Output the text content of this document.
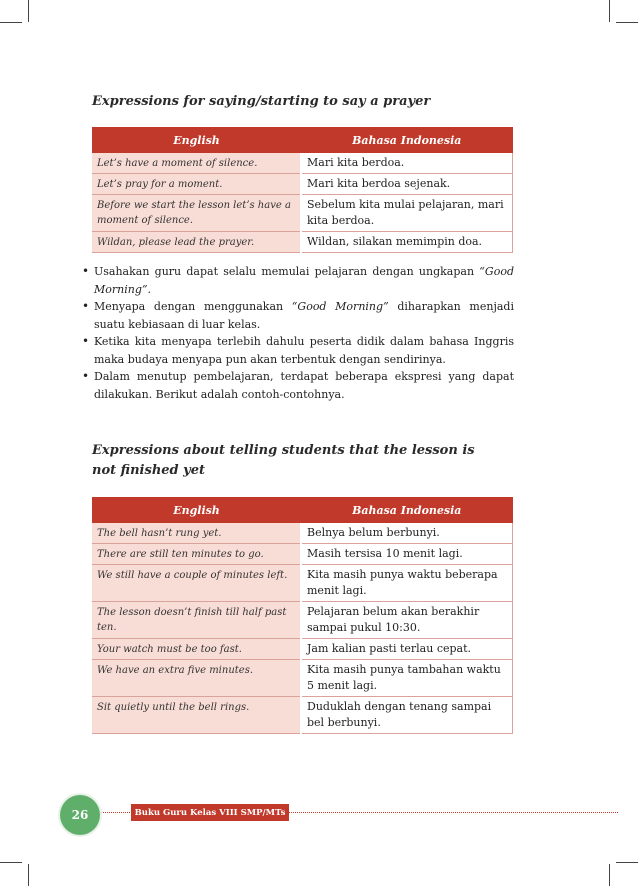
Expressions for saying/starting to say a prayer
English	Bahasa Indonesia
Let’s have a moment of silence.	Mari kita berdoa.
Let’s pray for a moment.	Mari kita berdoa sejenak.
Before we start the lesson let’s have a moment of silence.	Sebelum kita mulai pelajaran, mari kita berdoa.
Wildan, please lead the prayer.	Wildan, silakan memimpin doa.
• Usahakan guru dapat selalu memulai pelajaran dengan ungkapan “Good Morning”.
• Menyapa dengan menggunakan “Good Morning” diharapkan menjadi suatu kebiasaan di luar kelas.
• Ketika kita menyapa terlebih dahulu peserta didik dalam bahasa Inggris maka budaya menyapa pun akan terbentuk dengan sendirinya.
• Dalam menutup pembelajaran, terdapat beberapa ekspresi yang dapat dilakukan. Berikut adalah contoh-contohnya.
Expressions about telling students that the lesson is not finished yet
English	Bahasa Indonesia
The bell hasn’t rung yet.	Belnya belum berbunyi.
There are still ten minutes to go.	Masih tersisa 10 menit lagi.
We still have a couple of minutes left.	Kita masih punya waktu beberapa menit lagi.
The lesson doesn’t finish till half past ten.	Pelajaran belum akan berakhir sampai pukul 10:30.
Your watch must be too fast.	Jam kalian pasti terlau cepat.
We have an extra five minutes.	Kita masih punya tambahan waktu 5 menit lagi.
Sit quietly until the bell rings.	Duduklah dengan tenang sampai bel berbunyi.
26	Buku Guru Kelas VIII SMP/MTs
